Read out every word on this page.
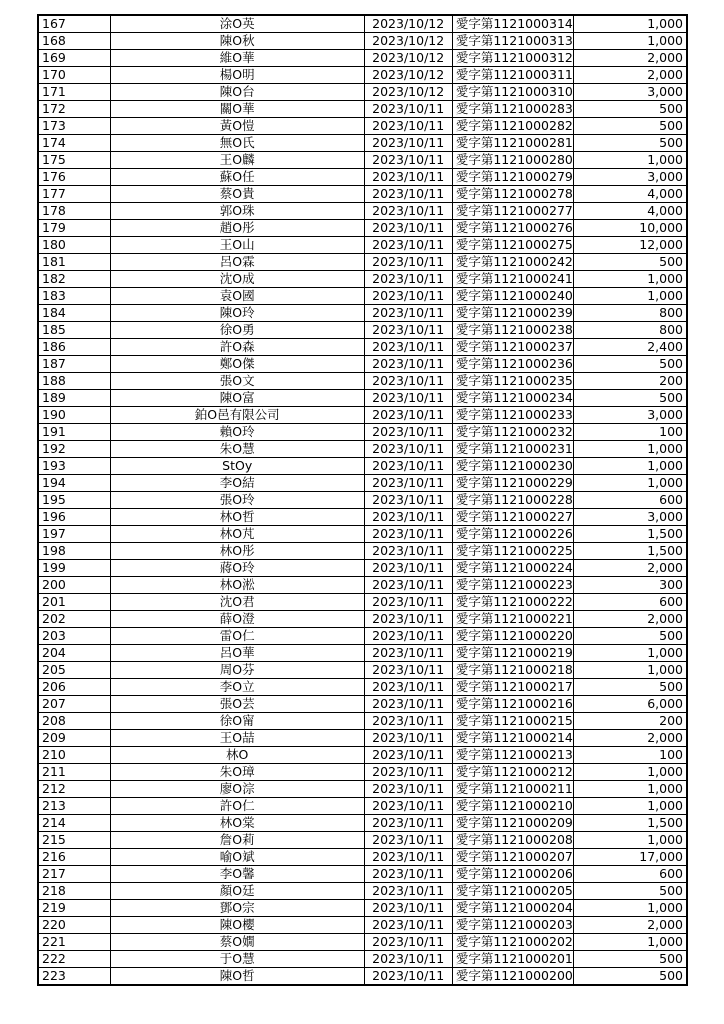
167	涂O英	2023/10/12	愛字第1121000314	1,000
168	陳O秋	2023/10/12	愛字第1121000313	1,000
169	維O華	2023/10/12	愛字第1121000312	2,000
170	楊O明	2023/10/12	愛字第1121000311	2,000
171	陳O台	2023/10/12	愛字第1121000310	3,000
172	關O華	2023/10/11	愛字第1121000283	500
173	黃O愷	2023/10/11	愛字第1121000282	500
174	無O氏	2023/10/11	愛字第1121000281	500
175	王O麟	2023/10/11	愛字第1121000280	1,000
176	蘇O任	2023/10/11	愛字第1121000279	3,000
177	蔡O貴	2023/10/11	愛字第1121000278	4,000
178	郭O珠	2023/10/11	愛字第1121000277	4,000
179	趙O彤	2023/10/11	愛字第1121000276	10,000
180	王O山	2023/10/11	愛字第1121000275	12,000
181	呂O霖	2023/10/11	愛字第1121000242	500
182	沈O成	2023/10/11	愛字第1121000241	1,000
183	袁O國	2023/10/11	愛字第1121000240	1,000
184	陳O玲	2023/10/11	愛字第1121000239	800
185	徐O勇	2023/10/11	愛字第1121000238	800
186	許O森	2023/10/11	愛字第1121000237	2,400
187	鄭O傑	2023/10/11	愛字第1121000236	500
188	張O文	2023/10/11	愛字第1121000235	200
189	陳O富	2023/10/11	愛字第1121000234	500
190	鉑O邑有限公司	2023/10/11	愛字第1121000233	3,000
191	賴O玲	2023/10/11	愛字第1121000232	100
192	朱O慧	2023/10/11	愛字第1121000231	1,000
193	StOy	2023/10/11	愛字第1121000230	1,000
194	李O結	2023/10/11	愛字第1121000229	1,000
195	張O玲	2023/10/11	愛字第1121000228	600
196	林O哲	2023/10/11	愛字第1121000227	3,000
197	林O芃	2023/10/11	愛字第1121000226	1,500
198	林O彤	2023/10/11	愛字第1121000225	1,500
199	蔣O玲	2023/10/11	愛字第1121000224	2,000
200	林O淞	2023/10/11	愛字第1121000223	300
201	沈O君	2023/10/11	愛字第1121000222	600
202	薛O澄	2023/10/11	愛字第1121000221	2,000
203	雷O仁	2023/10/11	愛字第1121000220	500
204	呂O華	2023/10/11	愛字第1121000219	1,000
205	周O芬	2023/10/11	愛字第1121000218	1,000
206	李O立	2023/10/11	愛字第1121000217	500
207	張O芸	2023/10/11	愛字第1121000216	6,000
208	徐O甯	2023/10/11	愛字第1121000215	200
209	王O喆	2023/10/11	愛字第1121000214	2,000
210	林O	2023/10/11	愛字第1121000213	100
211	朱O璋	2023/10/11	愛字第1121000212	1,000
212	廖O淙	2023/10/11	愛字第1121000211	1,000
213	許O仁	2023/10/11	愛字第1121000210	1,000
214	林O棠	2023/10/11	愛字第1121000209	1,500
215	詹O莉	2023/10/11	愛字第1121000208	1,000
216	喻O斌	2023/10/11	愛字第1121000207	17,000
217	李O馨	2023/10/11	愛字第1121000206	600
218	顏O廷	2023/10/11	愛字第1121000205	500
219	鄧O宗	2023/10/11	愛字第1121000204	1,000
220	陳O櫻	2023/10/11	愛字第1121000203	2,000
221	蔡O嫺	2023/10/11	愛字第1121000202	1,000
222	于O慧	2023/10/11	愛字第1121000201	500
223	陳O哲	2023/10/11	愛字第1121000200	500
